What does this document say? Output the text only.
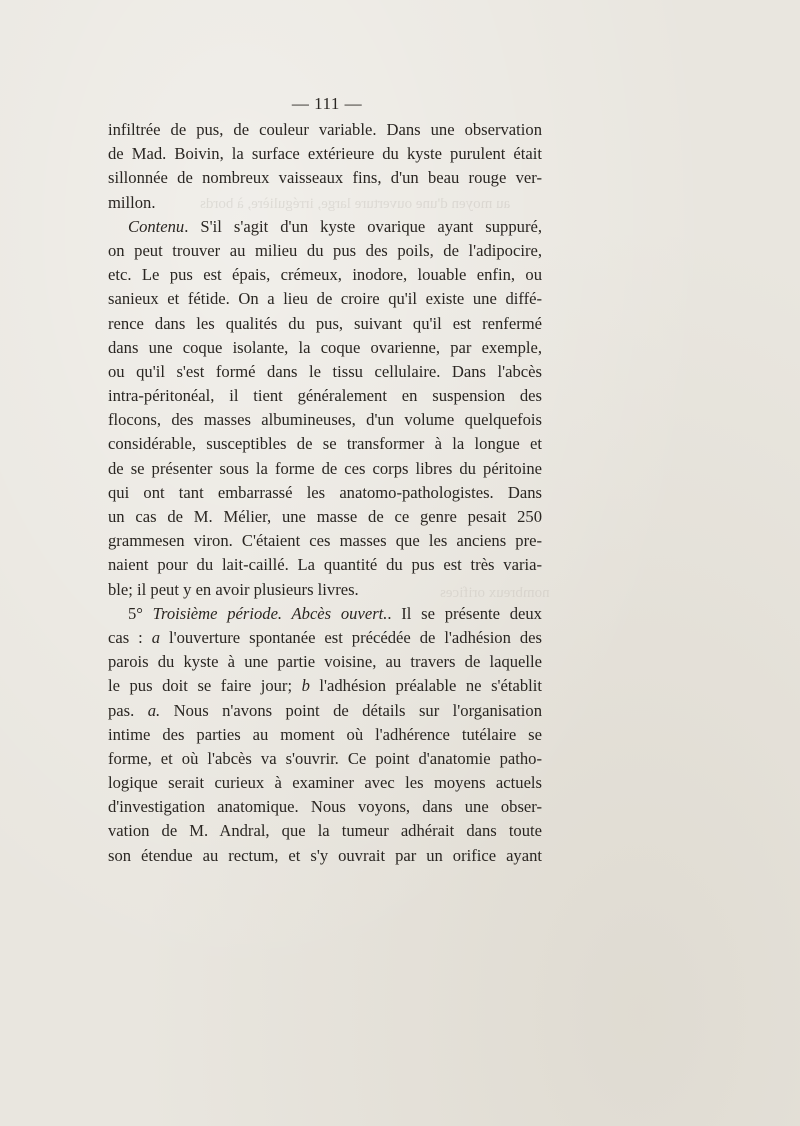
au moyen d'une ouverture large, irrégulière, à bords
nombreux orifices
— 111 —
infiltrée de pus, de couleur variable. Dans une observation
de Mad. Boivin, la surface extérieure du kyste purulent était
sillonnée de nombreux vaisseaux fins, d'un beau rouge ver-
millon.
Contenu. S'il s'agit d'un kyste ovarique ayant suppuré,
on peut trouver au milieu du pus des poils, de l'adipocire,
etc. Le pus est épais, crémeux, inodore, louable enfin, ou
sanieux et fétide. On a lieu de croire qu'il existe une diffé-
rence dans les qualités du pus, suivant qu'il est renfermé
dans une coque isolante, la coque ovarienne, par exemple,
ou qu'il s'est formé dans le tissu cellulaire. Dans l'abcès
intra-péritonéal, il tient généralement en suspension des
flocons, des masses albumineuses, d'un volume quelquefois
considérable, susceptibles de se transformer à la longue et
de se présenter sous la forme de ces corps libres du péritoine
qui ont tant embarrassé les anatomo-pathologistes. Dans
un cas de M. Mélier, une masse de ce genre pesait 250
grammesen viron. C'étaient ces masses que les anciens pre-
naient pour du lait-caillé. La quantité du pus est très varia-
ble; il peut y en avoir plusieurs livres.
5° Troisième période. Abcès ouvert.. Il se présente deux
cas : a l'ouverture spontanée est précédée de l'adhésion des
parois du kyste à une partie voisine, au travers de laquelle
le pus doit se faire jour; b l'adhésion préalable ne s'établit
pas. a. Nous n'avons point de détails sur l'organisation
intime des parties au moment où l'adhérence tutélaire se
forme, et où l'abcès va s'ouvrir. Ce point d'anatomie patho-
logique serait curieux à examiner avec les moyens actuels
d'investigation anatomique. Nous voyons, dans une obser-
vation de M. Andral, que la tumeur adhérait dans toute
son étendue au rectum, et s'y ouvrait par un orifice ayant
